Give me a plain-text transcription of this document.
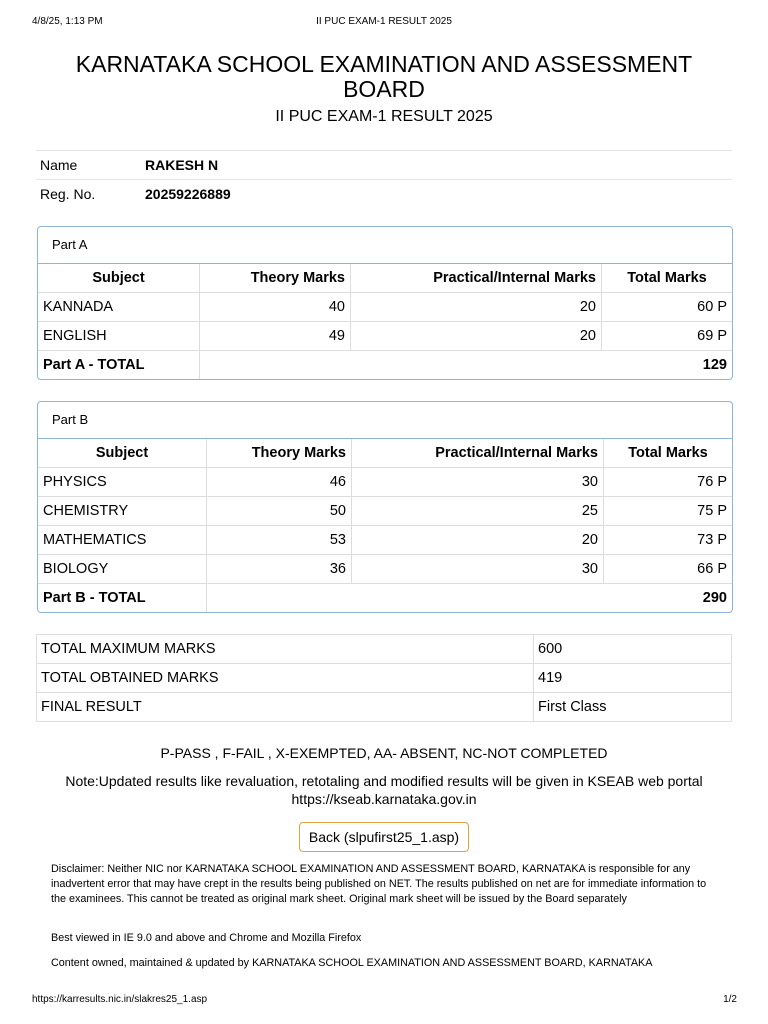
4/8/25, 1:13 PM	II PUC EXAM-1 RESULT 2025
KARNATAKA SCHOOL EXAMINATION AND ASSESSMENT BOARD
II PUC EXAM-1 RESULT 2025
Name	RAKESH N
Reg. No.	20259226889
Part A
Subject	Theory Marks	Practical/Internal Marks	Total Marks
KANNADA	40	20	60 P
ENGLISH	49	20	69 P
Part A - TOTAL	129		
Part B
Subject	Theory Marks	Practical/Internal Marks	Total Marks
PHYSICS	46	30	76 P
CHEMISTRY	50	25	75 P
MATHEMATICS	53	20	73 P
BIOLOGY	36	30	66 P
Part B - TOTAL	290		
TOTAL MAXIMUM MARKS	600
TOTAL OBTAINED MARKS	419
FINAL RESULT	First Class
P-PASS , F-FAIL , X-EXEMPTED, AA- ABSENT, NC-NOT COMPLETED
Note:Updated results like revaluation, retotaling and modified results will be given in KSEAB web portal
https://kseab.karnataka.gov.in
Back (slpufirst25_1.asp)

Disclaimer: Neither NIC nor KARNATAKA SCHOOL EXAMINATION AND ASSESSMENT BOARD, KARNATAKA is responsible for any inadvertent error that may have crept in the results being published on NET. The results published on net are for immediate information to the examinees. This cannot be treated as original mark sheet. Original mark sheet will be issued by the Board separately

Best viewed in IE 9.0 and above and Chrome and Mozilla Firefox
Content owned, maintained & updated by KARNATAKA SCHOOL EXAMINATION AND ASSESSMENT BOARD, KARNATAKA
https://karresults.nic.in/slakres25_1.asp	1/2
